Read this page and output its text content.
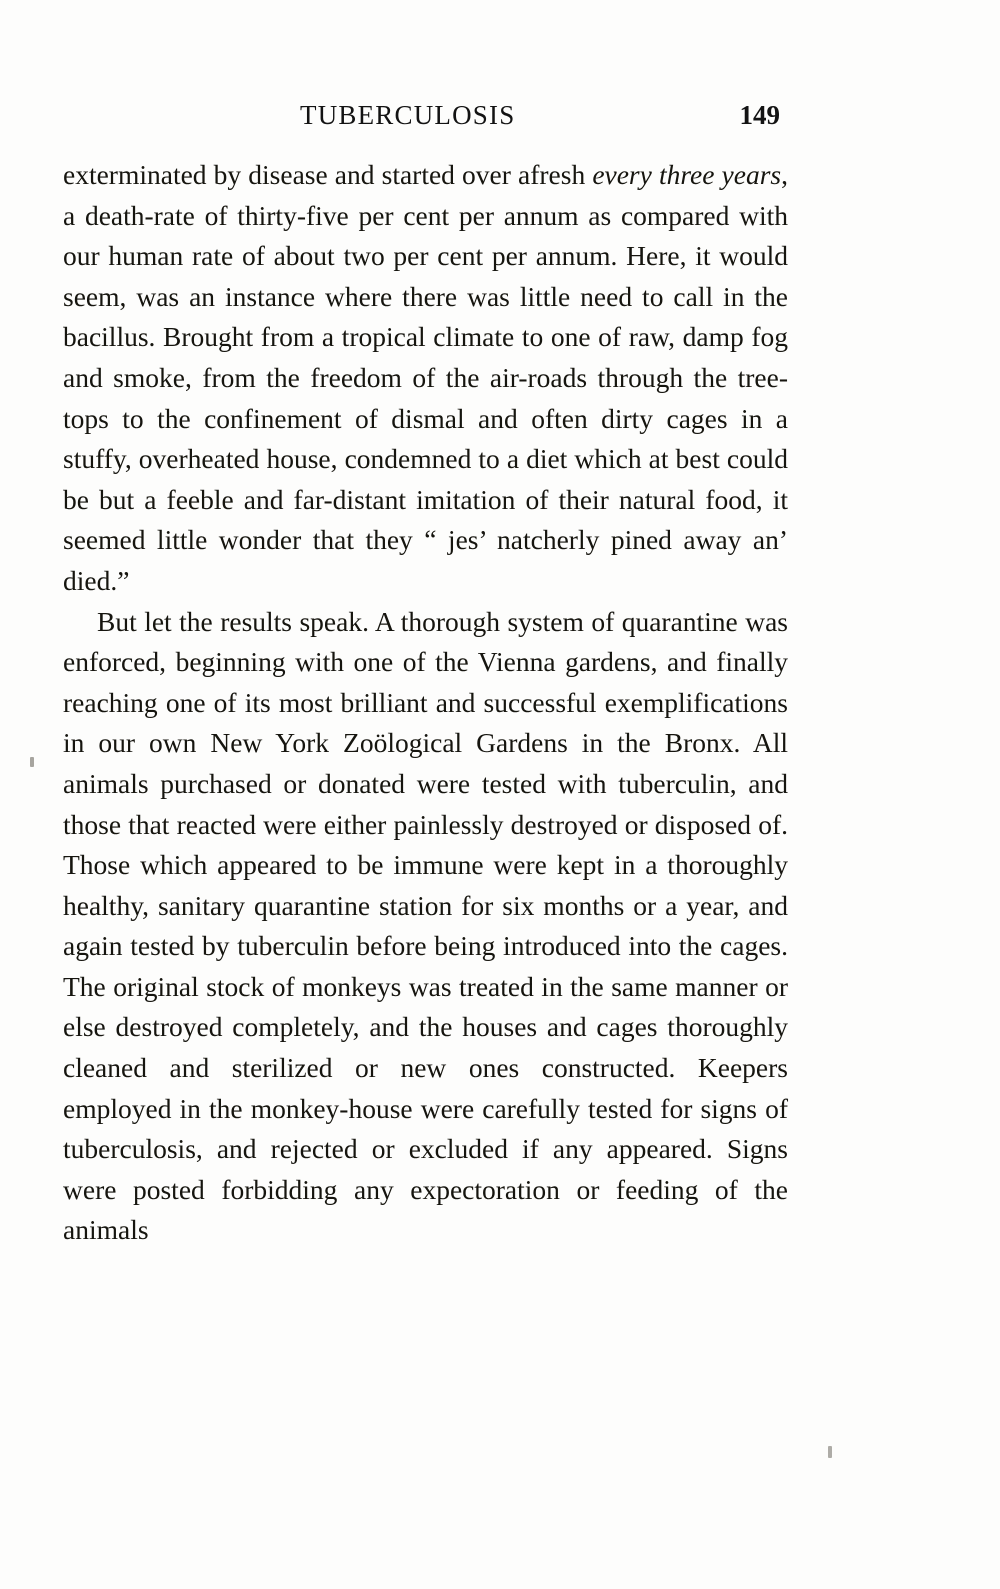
TUBERCULOSIS	149

exterminated by disease and started over afresh every three years, a death-rate of thirty-five per cent per annum as compared with our human rate of about two per cent per annum. Here, it would seem, was an instance where there was little need to call in the bacillus. Brought from a tropical climate to one of raw, damp fog and smoke, from the freedom of the air-roads through the tree-tops to the confinement of dismal and often dirty cages in a stuffy, overheated house, condemned to a diet which at best could be but a feeble and far-distant imitation of their natural food, it seemed little wonder that they “ jes’ natcherly pined away an’ died.”

But let the results speak. A thorough system of quarantine was enforced, beginning with one of the Vienna gardens, and finally reaching one of its most brilliant and successful exemplifications in our own New York Zoölogical Gardens in the Bronx. All animals purchased or donated were tested with tuberculin, and those that reacted were either painlessly destroyed or disposed of. Those which appeared to be immune were kept in a thoroughly healthy, sanitary quarantine station for six months or a year, and again tested by tuberculin before being introduced into the cages. The original stock of monkeys was treated in the same manner or else destroyed completely, and the houses and cages thoroughly cleaned and sterilized or new ones constructed. Keepers employed in the monkey-house were carefully tested for signs of tuberculosis, and rejected or excluded if any appeared. Signs were posted forbidding any expectoration or feeding of the animals
